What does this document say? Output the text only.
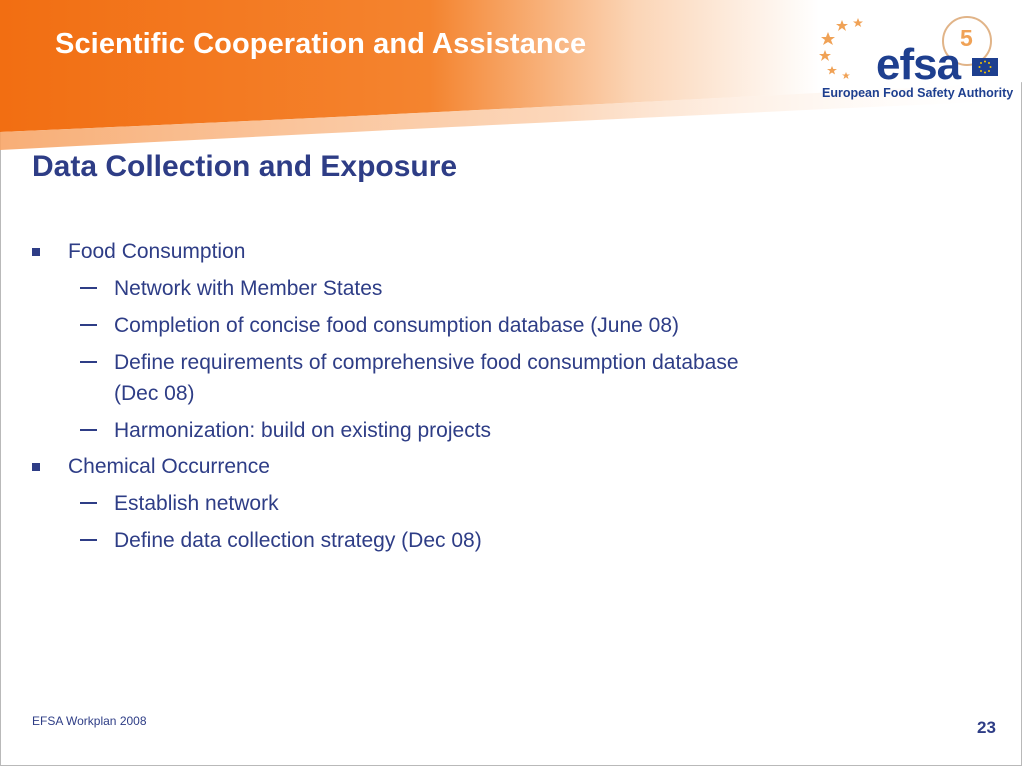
Scientific Cooperation and Assistance	5
efsa
European Food Safety Authority
Data Collection and Exposure
Food Consumption
Network with Member States
Completion of concise food consumption database (June 08)
Define requirements of comprehensive food consumption database
(Dec 08)
Harmonization: build on existing projects
Chemical Occurrence
Establish network
Define data collection strategy (Dec 08)
EFSA Workplan 2008	23
